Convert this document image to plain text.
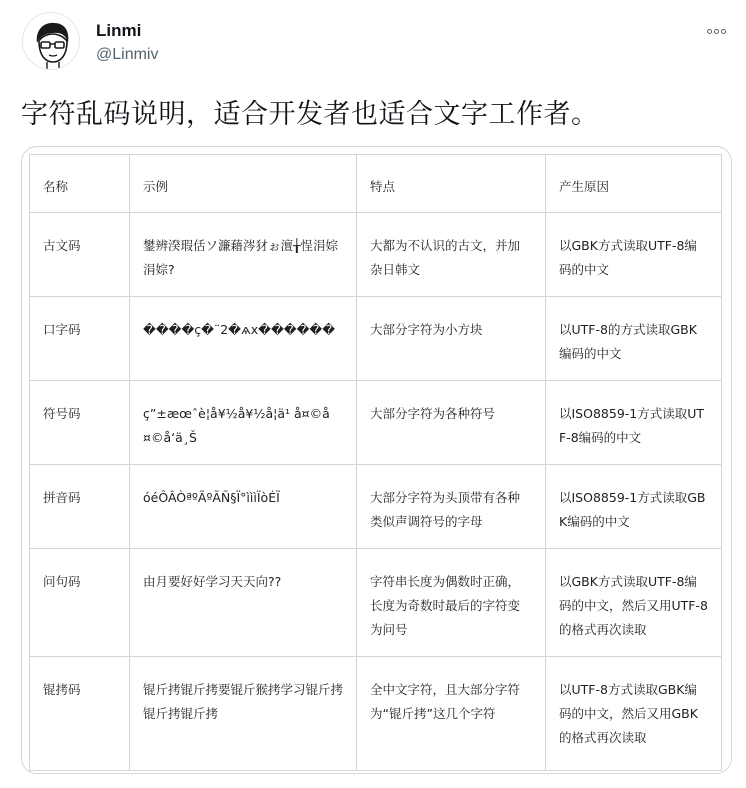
Linmi
@Linmiv
字符乱码说明，适合开发者也适合文字工作者。
名称	示例	特点	产生原因
古文码	鐢辨湀瑕佸ソ濂藉涔犲ぉ澶╁悜涓婃涓婃?	大都为不认识的古文，并加杂日韩文	以GBK方式读取UTF-8编码的中文
口字码	����ç�¨2�ѧx������	大部分字符为小方块	以UTF-8的方式读取GBK编码的中文
符号码	ç”±æœˆè¦å¥½å¥½å¦ä¹ å¤©å¤©å‘ä¸Š	大部分字符为各种符号	以ISO8859-1方式读取UTF-8编码的中文
拼音码	óéÔÂÒªºÃºÃÑ§Ï°ìììÏòÉÏ	大部分字符为头顶带有各种类似声调符号的字母	以ISO8859-1方式读取GBK编码的中文
问句码	由月要好好学习天天向??	字符串长度为偶数时正确，长度为奇数时最后的字符变为问号	以GBK方式读取UTF-8编码的中文，然后又用UTF-8的格式再次读取
锟拷码	锟斤拷锟斤拷要锟斤猴拷学习锟斤拷锟斤拷锟斤拷	全中文字符，且大部分字符为“锟斤拷”这几个字符	以UTF-8方式读取GBK编码的中文，然后又用GBK的格式再次读取
